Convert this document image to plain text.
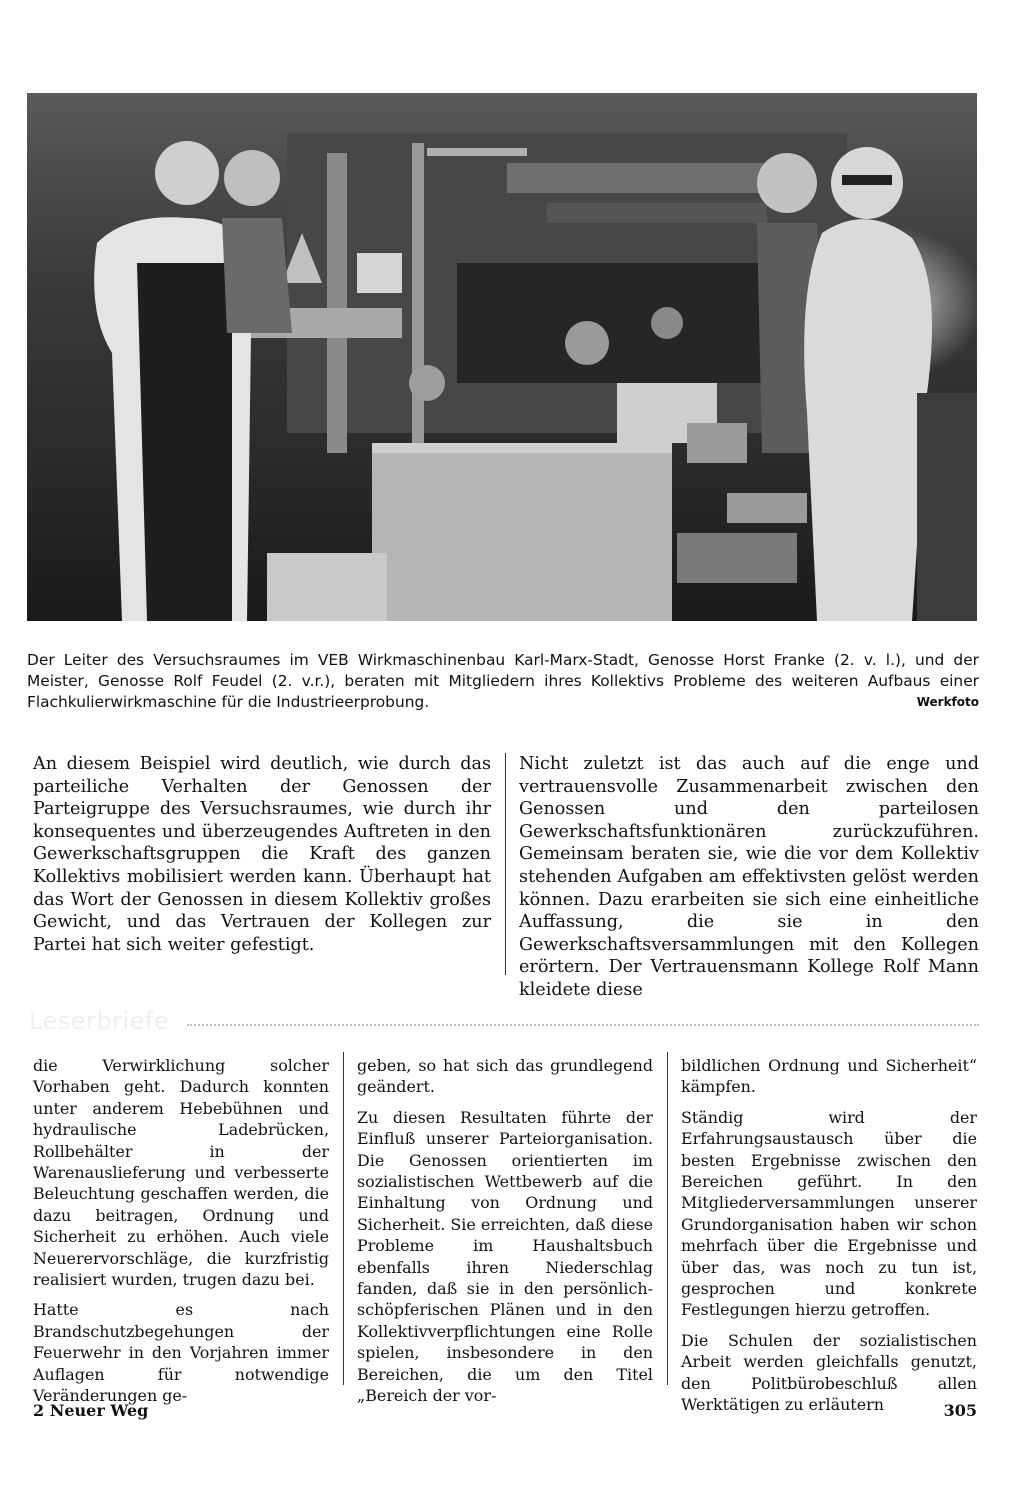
Der Leiter des Versuchsraumes im VEB Wirkmaschinenbau Karl-Marx-Stadt, Genosse Horst Franke (2. v. l.), und der Meister, Genosse Rolf Feudel (2. v.r.), beraten mit Mitgliedern ihres Kollektivs Probleme des weiteren Aufbaus einer Flachkulierwirkmaschine für die Industrieerprobung.	Werkfoto

An diesem Beispiel wird deutlich, wie durch das parteiliche Verhalten der Genossen der Parteigruppe des Versuchsraumes, wie durch ihr konsequentes und überzeugendes Auftreten in den Gewerkschaftsgruppen die Kraft des ganzen Kollektivs mobilisiert werden kann. Überhaupt hat das Wort der Genossen in diesem Kollektiv großes Gewicht, und das Vertrauen der Kollegen zur Partei hat sich weiter gefestigt.

Nicht zuletzt ist das auch auf die enge und vertrauensvolle Zusammenarbeit zwischen den Genossen und den parteilosen Gewerkschaftsfunktionären zurückzuführen. Gemeinsam beraten sie, wie die vor dem Kollektiv stehenden Aufgaben am effektivsten gelöst werden können. Dazu erarbeiten sie sich eine einheitliche Auffassung, die sie in den Gewerkschaftsversammlungen mit den Kollegen erörtern. Der Vertrauensmann Kollege Rolf Mann kleidete diese

Leserbriefe

die Verwirklichung solcher Vorhaben geht. Dadurch konnten unter anderem Hebebühnen und hydraulische Ladebrücken, Rollbehälter in der Warenauslieferung und verbesserte Beleuchtung geschaffen werden, die dazu beitragen, Ordnung und Sicherheit zu erhöhen. Auch viele Neuerervorschläge, die kurzfristig realisiert wurden, trugen dazu bei.

Hatte es nach Brandschutzbegehungen der Feuerwehr in den Vorjahren immer Auflagen für notwendige Veränderungen ge-

geben, so hat sich das grundlegend geändert.

Zu diesen Resultaten führte der Einfluß unserer Parteiorganisation. Die Genossen orientierten im sozialistischen Wettbewerb auf die Einhaltung von Ordnung und Sicherheit. Sie erreichten, daß diese Probleme im Haushaltsbuch ebenfalls ihren Niederschlag fanden, daß sie in den persönlich-schöpferischen Plänen und in den Kollektivverpflichtungen eine Rolle spielen, insbesondere in den Bereichen, die um den Titel „Bereich der vor-

bildlichen Ordnung und Sicherheit“ kämpfen.

Ständig wird der Erfahrungsaustausch über die besten Ergebnisse zwischen den Bereichen geführt. In den Mitgliederversammlungen unserer Grundorganisation haben wir schon mehrfach über die Ergebnisse und über das, was noch zu tun ist, gesprochen und konkrete Festlegungen hierzu getroffen.

Die Schulen der sozialistischen Arbeit werden gleichfalls genutzt, den Politbürobeschluß allen Werktätigen zu erläutern

2 Neuer Weg	305
